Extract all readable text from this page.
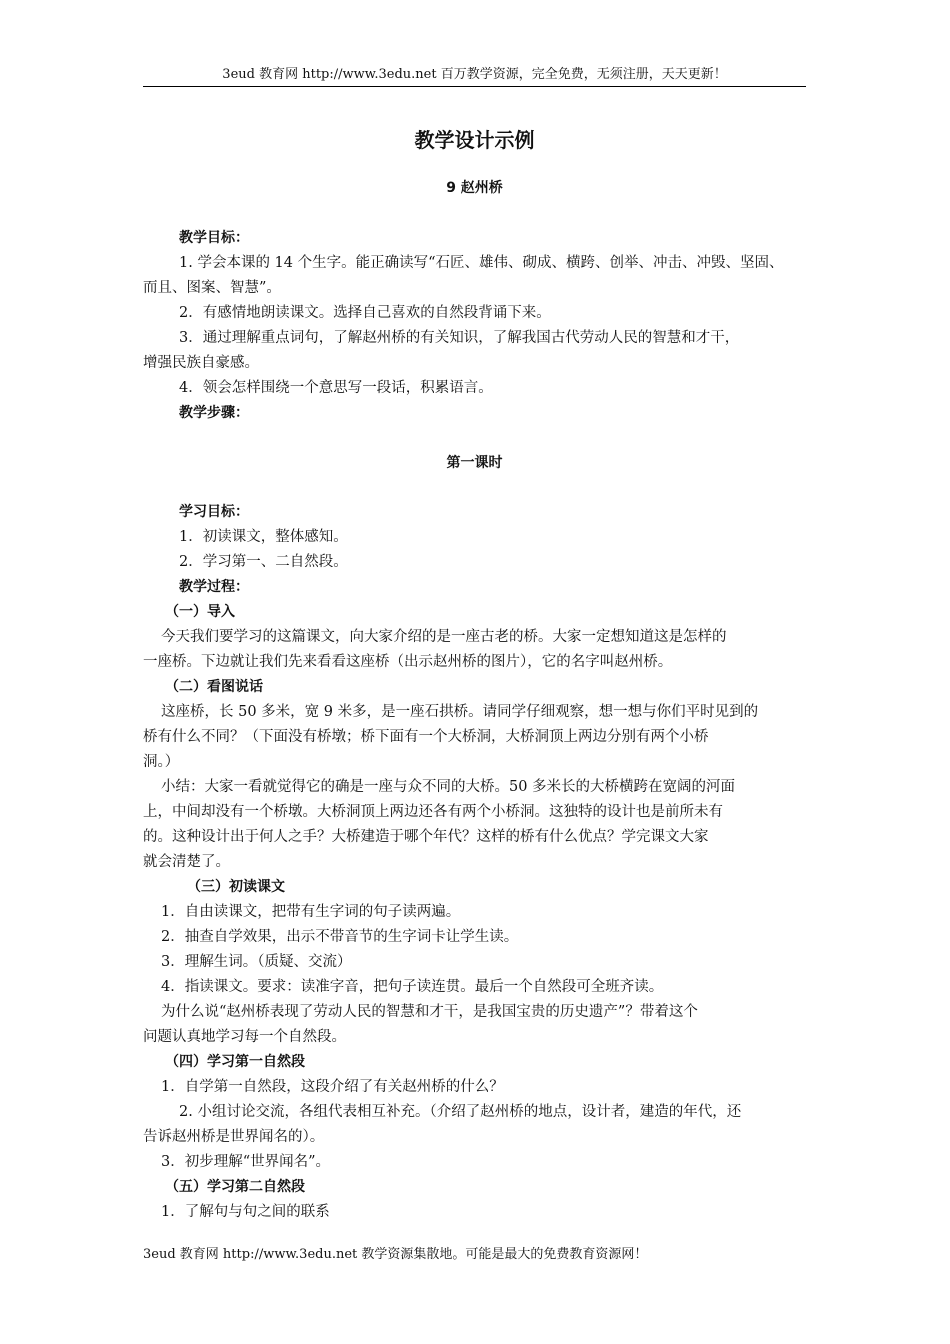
3eud 教育网 http://www.3edu.net 百万教学资源，完全免费，无须注册，天天更新！
教学设计示例
9 赵州桥

教学目标：

1. 学会本课的 14 个生字。能正确读写“石匠、雄伟、砌成、横跨、创举、冲击、冲毁、坚固、

而且、图案、智慧”。

2．有感情地朗读课文。选择自己喜欢的自然段背诵下来。

3．通过理解重点词句，了解赵州桥的有关知识，了解我国古代劳动人民的智慧和才干，

增强民族自豪感。

4．领会怎样围绕一个意思写一段话，积累语言。

教学步骤：

第一课时

学习目标：

1．初读课文，整体感知。

2．学习第一、二自然段。

教学过程：

（一）导入

今天我们要学习的这篇课文，向大家介绍的是一座古老的桥。大家一定想知道这是怎样的

一座桥。下边就让我们先来看看这座桥（出示赵州桥的图片），它的名字叫赵州桥。

（二）看图说话

这座桥，长 50 多米，宽 9 米多，是一座石拱桥。请同学仔细观察，想一想与你们平时见到的

桥有什么不同？（下面没有桥墩；桥下面有一个大桥洞，大桥洞顶上两边分别有两个小桥

洞。）

小结：大家一看就觉得它的确是一座与众不同的大桥。50 多米长的大桥横跨在宽阔的河面

上，中间却没有一个桥墩。大桥洞顶上两边还各有两个小桥洞。这独特的设计也是前所未有

的。这种设计出于何人之手？大桥建造于哪个年代？这样的桥有什么优点？学完课文大家

就会清楚了。

（三）初读课文

1．自由读课文，把带有生字词的句子读两遍。

2．抽查自学效果，出示不带音节的生字词卡让学生读。

3．理解生词。（质疑、交流）

4．指读课文。要求：读准字音，把句子读连贯。最后一个自然段可全班齐读。

为什么说“赵州桥表现了劳动人民的智慧和才干，是我国宝贵的历史遗产”？带着这个

问题认真地学习每一个自然段。

（四）学习第一自然段

1．自学第一自然段，这段介绍了有关赵州桥的什么？

2. 小组讨论交流，各组代表相互补充。（介绍了赵州桥的地点，设计者，建造的年代，还

告诉赵州桥是世界闻名的）。

3．初步理解“世界闻名”。

（五）学习第二自然段

1．了解句与句之间的联系

3eud 教育网 http://www.3edu.net 教学资源集散地。可能是最大的免费教育资源网！
